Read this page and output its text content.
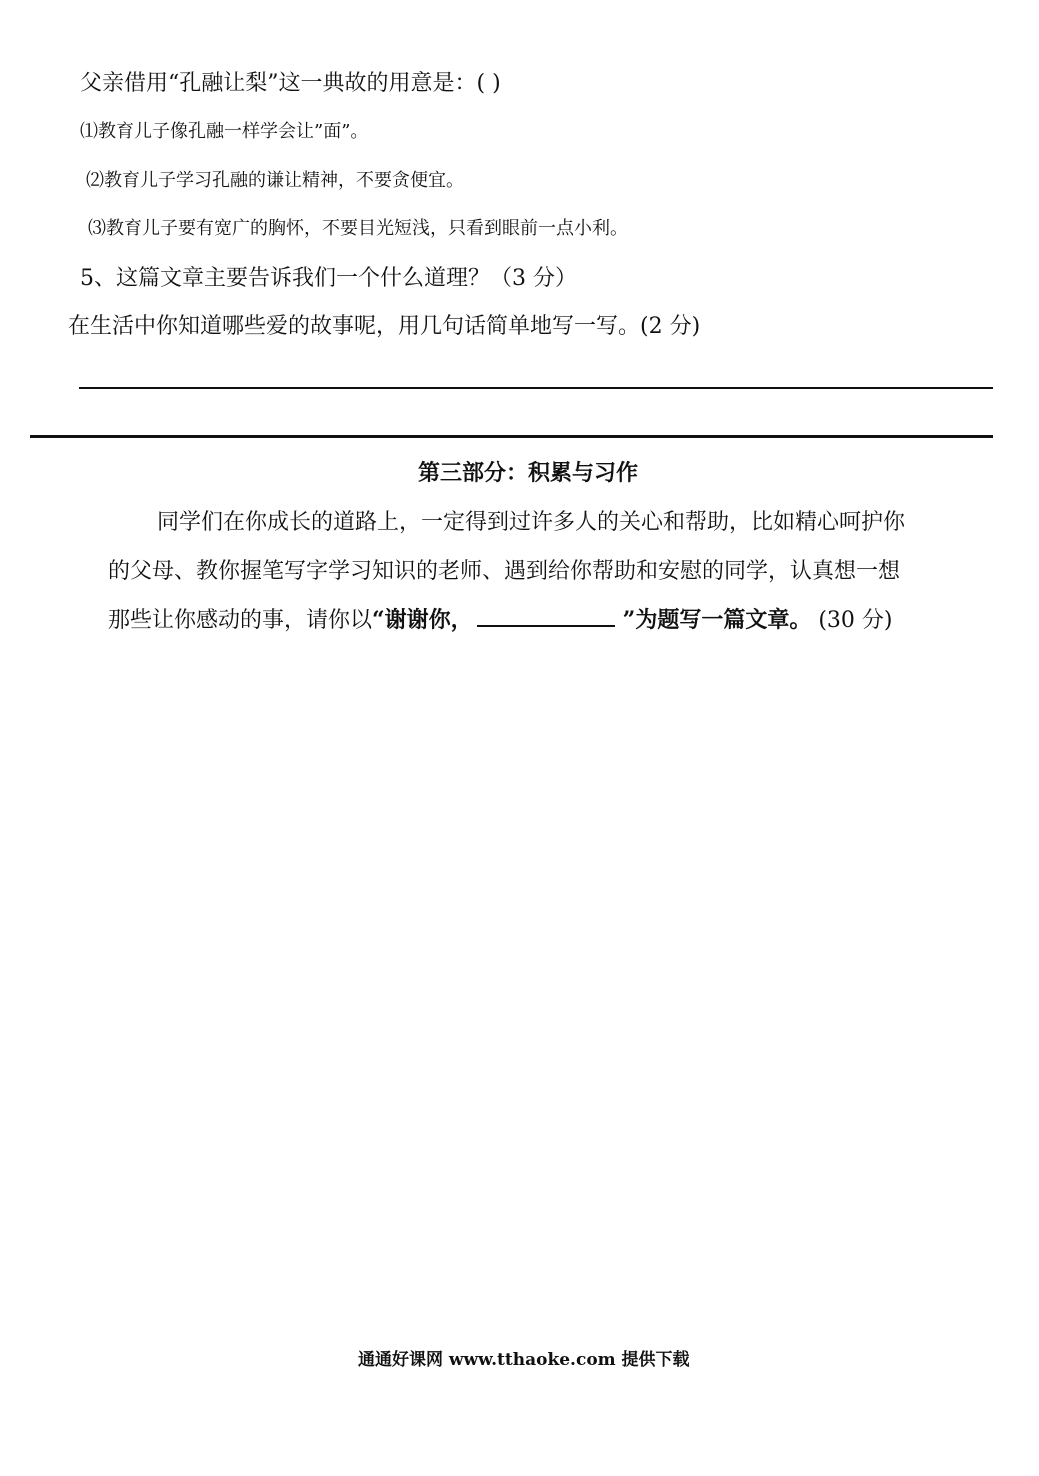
父亲借用“孔融让梨”这一典故的用意是：( )
⑴教育儿子像孔融一样学会让”面”。
⑵教育儿子学习孔融的谦让精神，不要贪便宜。
⑶教育儿子要有宽广的胸怀，不要目光短浅，只看到眼前一点小利。
5、这篇文章主要告诉我们一个什么道理？（3 分）
在生活中你知道哪些爱的故事呢，用几句话简单地写一写。(2 分)
第三部分：积累与习作
同学们在你成长的道路上，一定得到过许多人的关心和帮助，比如精心呵护你
的父母、教你握笔写字学习知识的老师、遇到给你帮助和安慰的同学，认真想一想
那些让你感动的事，请你以“谢谢你，	”为题写一篇文章。 (30 分)
通通好课网 www.tthaoke.com 提供下载
